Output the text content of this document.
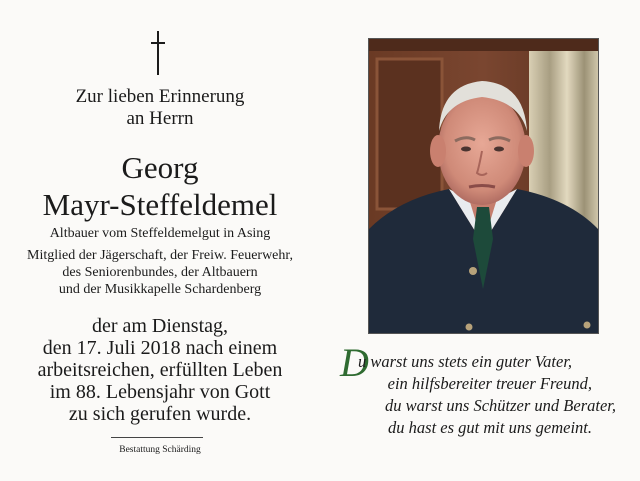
Zur lieben Erinnerung
an Herrn
Georg
Mayr-Steffeldemel
Altbauer vom Steffeldemelgut in Asing
Mitglied der Jägerschaft, der Freiw. Feuerwehr,
des Seniorenbundes, der Altbauern
und der Musikkapelle Schardenberg
der am Dienstag,
den 17. Juli 2018 nach einem
arbeitsreichen, erfüllten Leben
im 88. Lebensjahr von Gott
zu sich gerufen wurde.
Bestattung Schärding
D
u warst uns stets ein guter Vater,
ein hilfsbereiter treuer Freund,
du warst uns Schützer und Berater,
du hast es gut mit uns gemeint.
